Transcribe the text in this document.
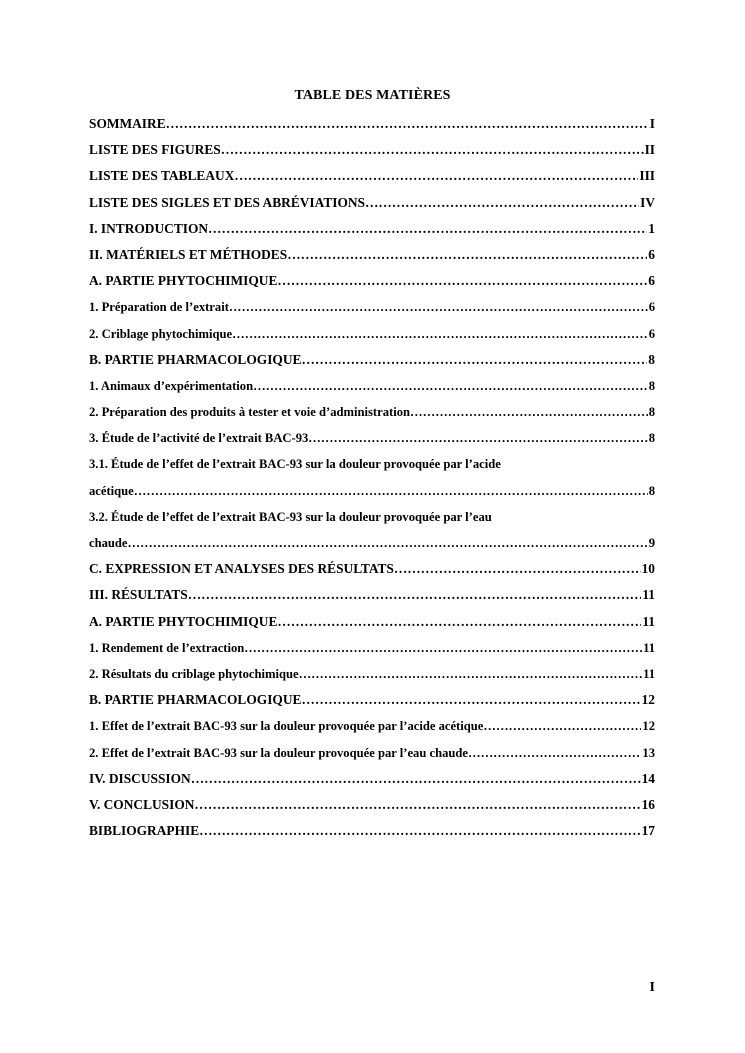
TABLE DES MATIÈRES
SOMMAIRE ………………………………………………………………………………………………………………………………………………………………………………	I
LISTE DES FIGURES ………………………………………………………………………………………………………………………………………………………………………………	II
LISTE DES TABLEAUX ………………………………………………………………………………………………………………………………………………………………………………	III
LISTE DES SIGLES ET DES ABRÉVIATIONS ………………………………………………………………………………………………………………………………………………………………………………	IV
I. INTRODUCTION ………………………………………………………………………………………………………………………………………………………………………………	1
II. MATÉRIELS ET MÉTHODES ………………………………………………………………………………………………………………………………………………………………………………	6
A. PARTIE PHYTOCHIMIQUE ………………………………………………………………………………………………………………………………………………………………………………	6
1. Préparation de l’extrait ………………………………………………………………………………………………………………………………………………………………………………	6
2. Criblage phytochimique ………………………………………………………………………………………………………………………………………………………………………………	6
B. PARTIE PHARMACOLOGIQUE ………………………………………………………………………………………………………………………………………………………………………………	8
1. Animaux d’expérimentation ………………………………………………………………………………………………………………………………………………………………………………	8
2. Préparation des produits à tester et voie d’administration ………………………………………………………………………………………………………………………………………………………………………………	8
3. Étude de l’activité de l’extrait BAC-93 ………………………………………………………………………………………………………………………………………………………………………………	8
3.1. Étude de l’effet de l’extrait BAC-93 sur la douleur provoquée par l’acide
acétique ………………………………………………………………………………………………………………………………………………………………………………	8
3.2. Étude de l’effet de l’extrait BAC-93 sur la douleur provoquée par l’eau
chaude ………………………………………………………………………………………………………………………………………………………………………………	9
C. EXPRESSION ET ANALYSES DES RÉSULTATS ………………………………………………………………………………………………………………………………………………………………………………	10
III. RÉSULTATS ………………………………………………………………………………………………………………………………………………………………………………	11
A. PARTIE PHYTOCHIMIQUE ………………………………………………………………………………………………………………………………………………………………………………	11
1. Rendement de l’extraction ………………………………………………………………………………………………………………………………………………………………………………	11
2. Résultats du criblage phytochimique ………………………………………………………………………………………………………………………………………………………………………………	11
B. PARTIE PHARMACOLOGIQUE ………………………………………………………………………………………………………………………………………………………………………………	12
1. Effet de l’extrait BAC-93 sur la douleur provoquée par l’acide acétique ………………………………………………………………………………………………………………………………………………………………………………	12
2. Effet de l’extrait BAC-93 sur la douleur provoquée par l’eau chaude ………………………………………………………………………………………………………………………………………………………………………………	13
IV. DISCUSSION ………………………………………………………………………………………………………………………………………………………………………………	14
V. CONCLUSION ………………………………………………………………………………………………………………………………………………………………………………	16
BIBLIOGRAPHIE ………………………………………………………………………………………………………………………………………………………………………………	17
I
